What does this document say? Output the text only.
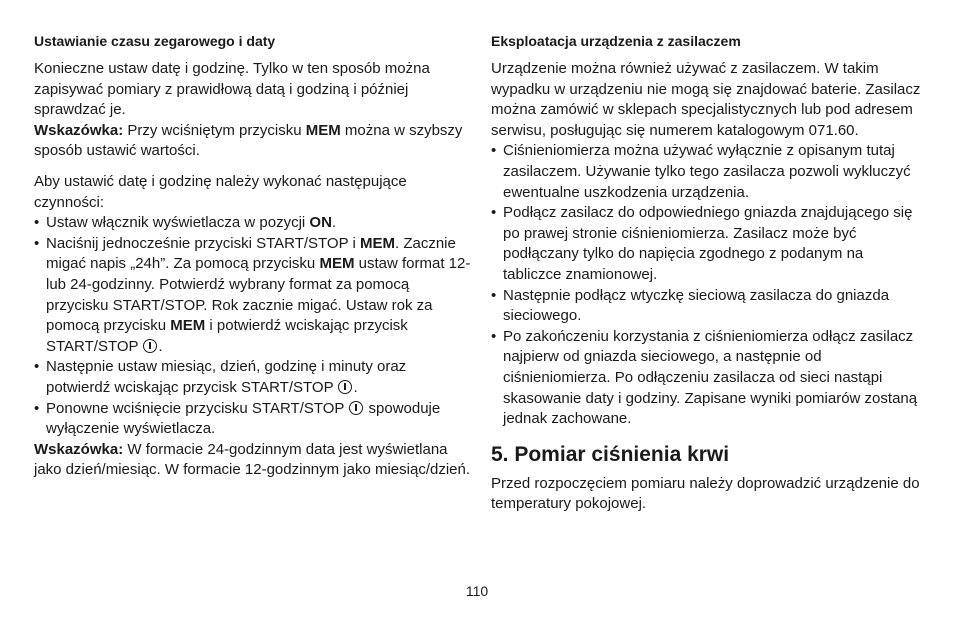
Ustawianie czasu zegarowego i daty

Konieczne ustaw datę i godzinę. Tylko w ten sposób można zapisywać pomiary z prawidłową datą i godziną i później sprawdzać je.

Wskazówka: Przy wciśniętym przycisku MEM można w szybszy sposób ustawić wartości.

Aby ustawić datę i godzinę należy wykonać następujące czynności:

• Ustaw włącznik wyświetlacza w pozycji ON.
• Naciśnij jednocześnie przyciski START/STOP i MEM. Zacznie migać napis „24h”. Za pomocą przycisku MEM ustaw format 12- lub 24-godzinny. Potwierdź wybrany format za pomocą przycisku START/STOP. Rok zacznie migać. Ustaw rok za pomocą przycisku MEM i potwierdź wciskając przycisk START/STOP .
• Następnie ustaw miesiąc, dzień, godzinę i minuty oraz potwierdź wciskając przycisk START/STOP .
• Ponowne wciśnięcie przycisku START/STOP  spowoduje wyłączenie wyświetlacza.

Wskazówka: W formacie 24-godzinnym data jest wyświetlana jako dzień/miesiąc. W formacie 12-godzinnym jako miesiąc/dzień.

Eksploatacja urządzenia z zasilaczem

Urządzenie można również używać z zasilaczem. W takim wypadku w urządzeniu nie mogą się znajdować baterie. Zasilacz można zamówić w sklepach specjalistycznych lub pod adresem serwisu, posługując się numerem katalogowym 071.60.

• Ciśnieniomierza można używać wyłącznie z opisanym tutaj zasilaczem. Używanie tylko tego zasilacza pozwoli wykluczyć ewentualne uszkodzenia urządzenia.
• Podłącz zasilacz do odpowiedniego gniazda znajdującego się po prawej stronie ciśnieniomierza. Zasilacz może być podłączany tylko do napięcia zgodnego z podanym na tabliczce znamionowej.
• Następnie podłącz wtyczkę sieciową zasilacza do gniazda sieciowego.
• Po zakończeniu korzystania z ciśnieniomierza odłącz zasilacz najpierw od gniazda sieciowego, a następnie od ciśnieniomierza. Po odłączeniu zasilacza od sieci nastąpi skasowanie daty i godziny. Zapisane wyniki pomiarów zostaną jednak zachowane.
5. Pomiar ciśnienia krwi

Przed rozpoczęciem pomiaru należy doprowadzić urządzenie do temperatury pokojowej.

110
